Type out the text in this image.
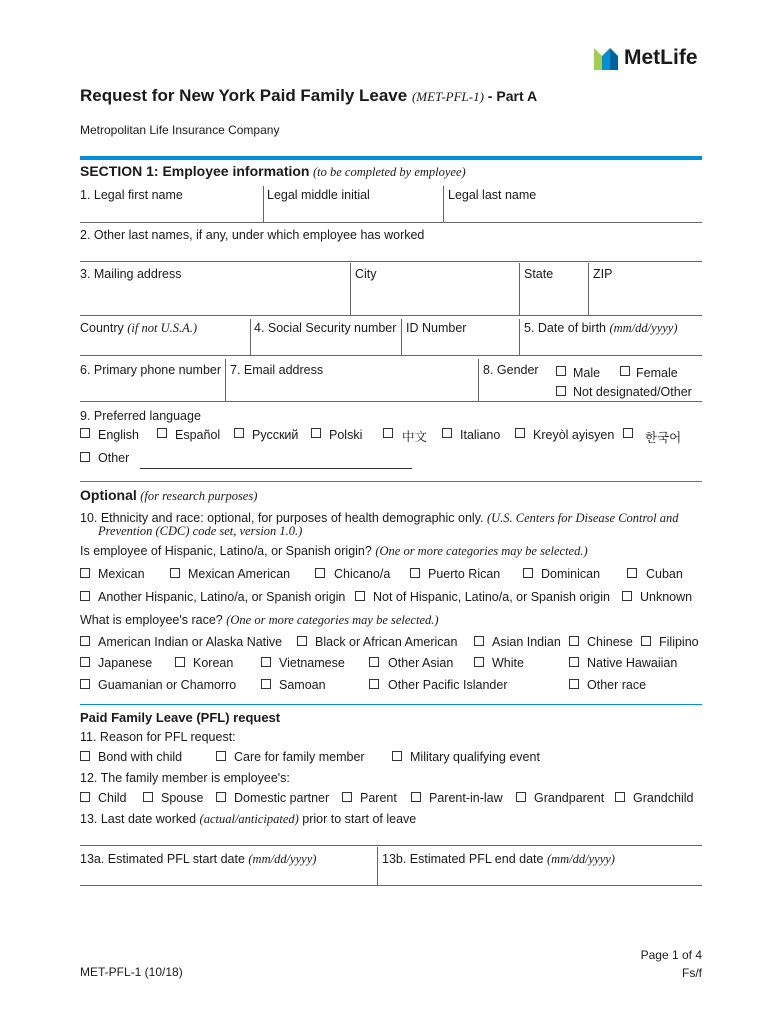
MetLife
Request for New York Paid Family Leave (MET-PFL-1) - Part A
Metropolitan Life Insurance Company
SECTION 1: Employee information (to be completed by employee)
1. Legal first name	Legal middle initial	Legal last name
2. Other last names, if any, under which employee has worked
3. Mailing address	City	State	ZIP
Country (if not U.S.A.)	4. Social Security number ID Number	5. Date of birth (mm/dd/yyyy)
6. Primary phone number 7. Email address	8. Gender	Male	Female
Not designated/Other
9. Preferred language
English	Español	Русский Polski	中文	Italiano	Kreyòl ayisyen 한국어
Other
Optional (for research purposes)
10. Ethnicity and race: optional, for purposes of health demographic only. (U.S. Centers for Disease Control and
Prevention (CDC) code set, version 1.0.)
Is employee of Hispanic, Latino/a, or Spanish origin? (One or more categories may be selected.)
Mexican	Mexican American	Chicano/a	Puerto Rican	Dominican	Cuban
Another Hispanic, Latino/a, or Spanish origin Not of Hispanic, Latino/a, or Spanish origin Unknown
What is employee's race? (One or more categories may be selected.)
American Indian or Alaska Native	Black or African American	Asian Indian Chinese Filipino
Japanese	Korean	Vietnamese	Other Asian	White	Native Hawaiian
Guamanian or Chamorro	Samoan	Other Pacific Islander	Other race
Paid Family Leave (PFL) request
11. Reason for PFL request:
Bond with child	Care for family member	Military qualifying event
12. The family member is employee's:
Child	Spouse Domestic partner Parent	Parent-in-law	Grandparent Grandchild
13. Last date worked (actual/anticipated) prior to start of leave
13a. Estimated PFL start date (mm/dd/yyyy)	13b. Estimated PFL end date (mm/dd/yyyy)
MET-PFL-1 (10/18)
Page 1 of 4
Fs/f
